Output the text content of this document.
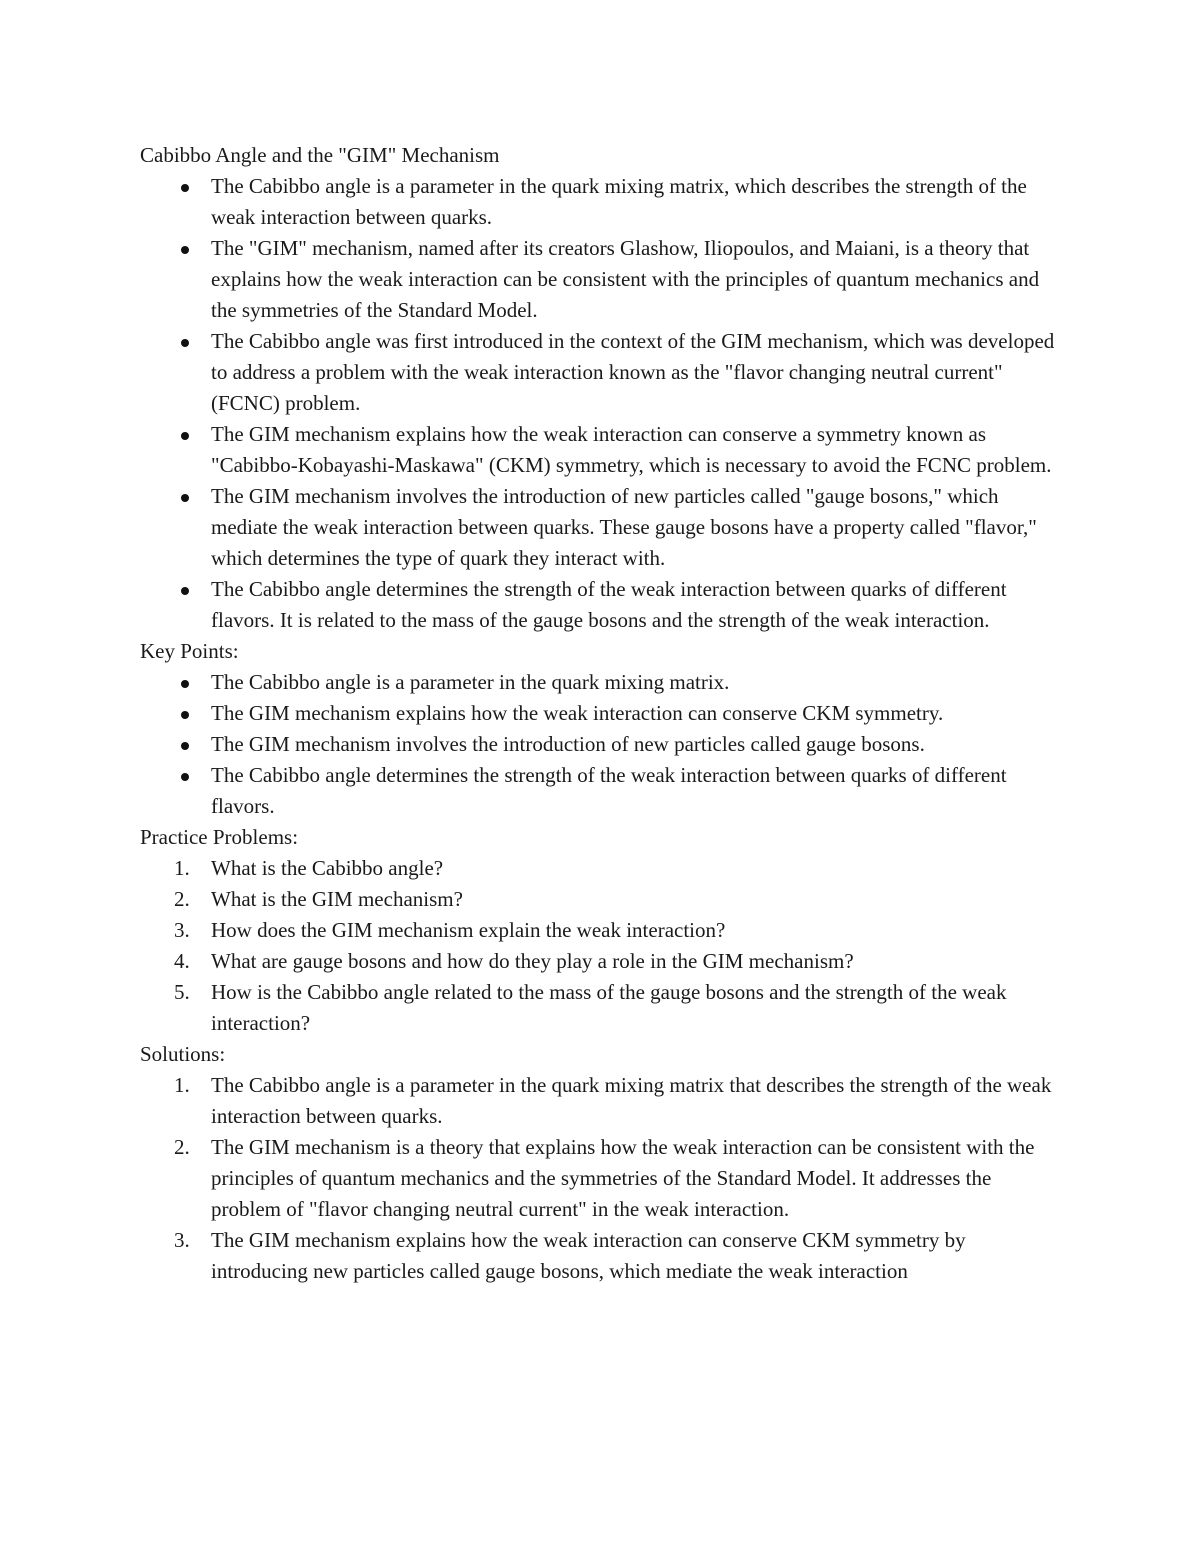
Cabibbo Angle and the "GIM" Mechanism
The Cabibbo angle is a parameter in the quark mixing matrix, which describes the strength of the weak interaction between quarks.
The "GIM" mechanism, named after its creators Glashow, Iliopoulos, and Maiani, is a theory that explains how the weak interaction can be consistent with the principles of quantum mechanics and the symmetries of the Standard Model.
The Cabibbo angle was first introduced in the context of the GIM mechanism, which was developed to address a problem with the weak interaction known as the "flavor changing neutral current" (FCNC) problem.
The GIM mechanism explains how the weak interaction can conserve a symmetry known as "Cabibbo-Kobayashi-Maskawa" (CKM) symmetry, which is necessary to avoid the FCNC problem.
The GIM mechanism involves the introduction of new particles called "gauge bosons," which mediate the weak interaction between quarks. These gauge bosons have a property called "flavor," which determines the type of quark they interact with.
The Cabibbo angle determines the strength of the weak interaction between quarks of different flavors. It is related to the mass of the gauge bosons and the strength of the weak interaction.
Key Points:
The Cabibbo angle is a parameter in the quark mixing matrix.
The GIM mechanism explains how the weak interaction can conserve CKM symmetry.
The GIM mechanism involves the introduction of new particles called gauge bosons.
The Cabibbo angle determines the strength of the weak interaction between quarks of different flavors.
Practice Problems:
1. What is the Cabibbo angle?
2. What is the GIM mechanism?
3. How does the GIM mechanism explain the weak interaction?
4. What are gauge bosons and how do they play a role in the GIM mechanism?
5. How is the Cabibbo angle related to the mass of the gauge bosons and the strength of the weak interaction?
Solutions:
1. The Cabibbo angle is a parameter in the quark mixing matrix that describes the strength of the weak interaction between quarks.
2. The GIM mechanism is a theory that explains how the weak interaction can be consistent with the principles of quantum mechanics and the symmetries of the Standard Model. It addresses the problem of "flavor changing neutral current" in the weak interaction.
3. The GIM mechanism explains how the weak interaction can conserve CKM symmetry by introducing new particles called gauge bosons, which mediate the weak interaction
